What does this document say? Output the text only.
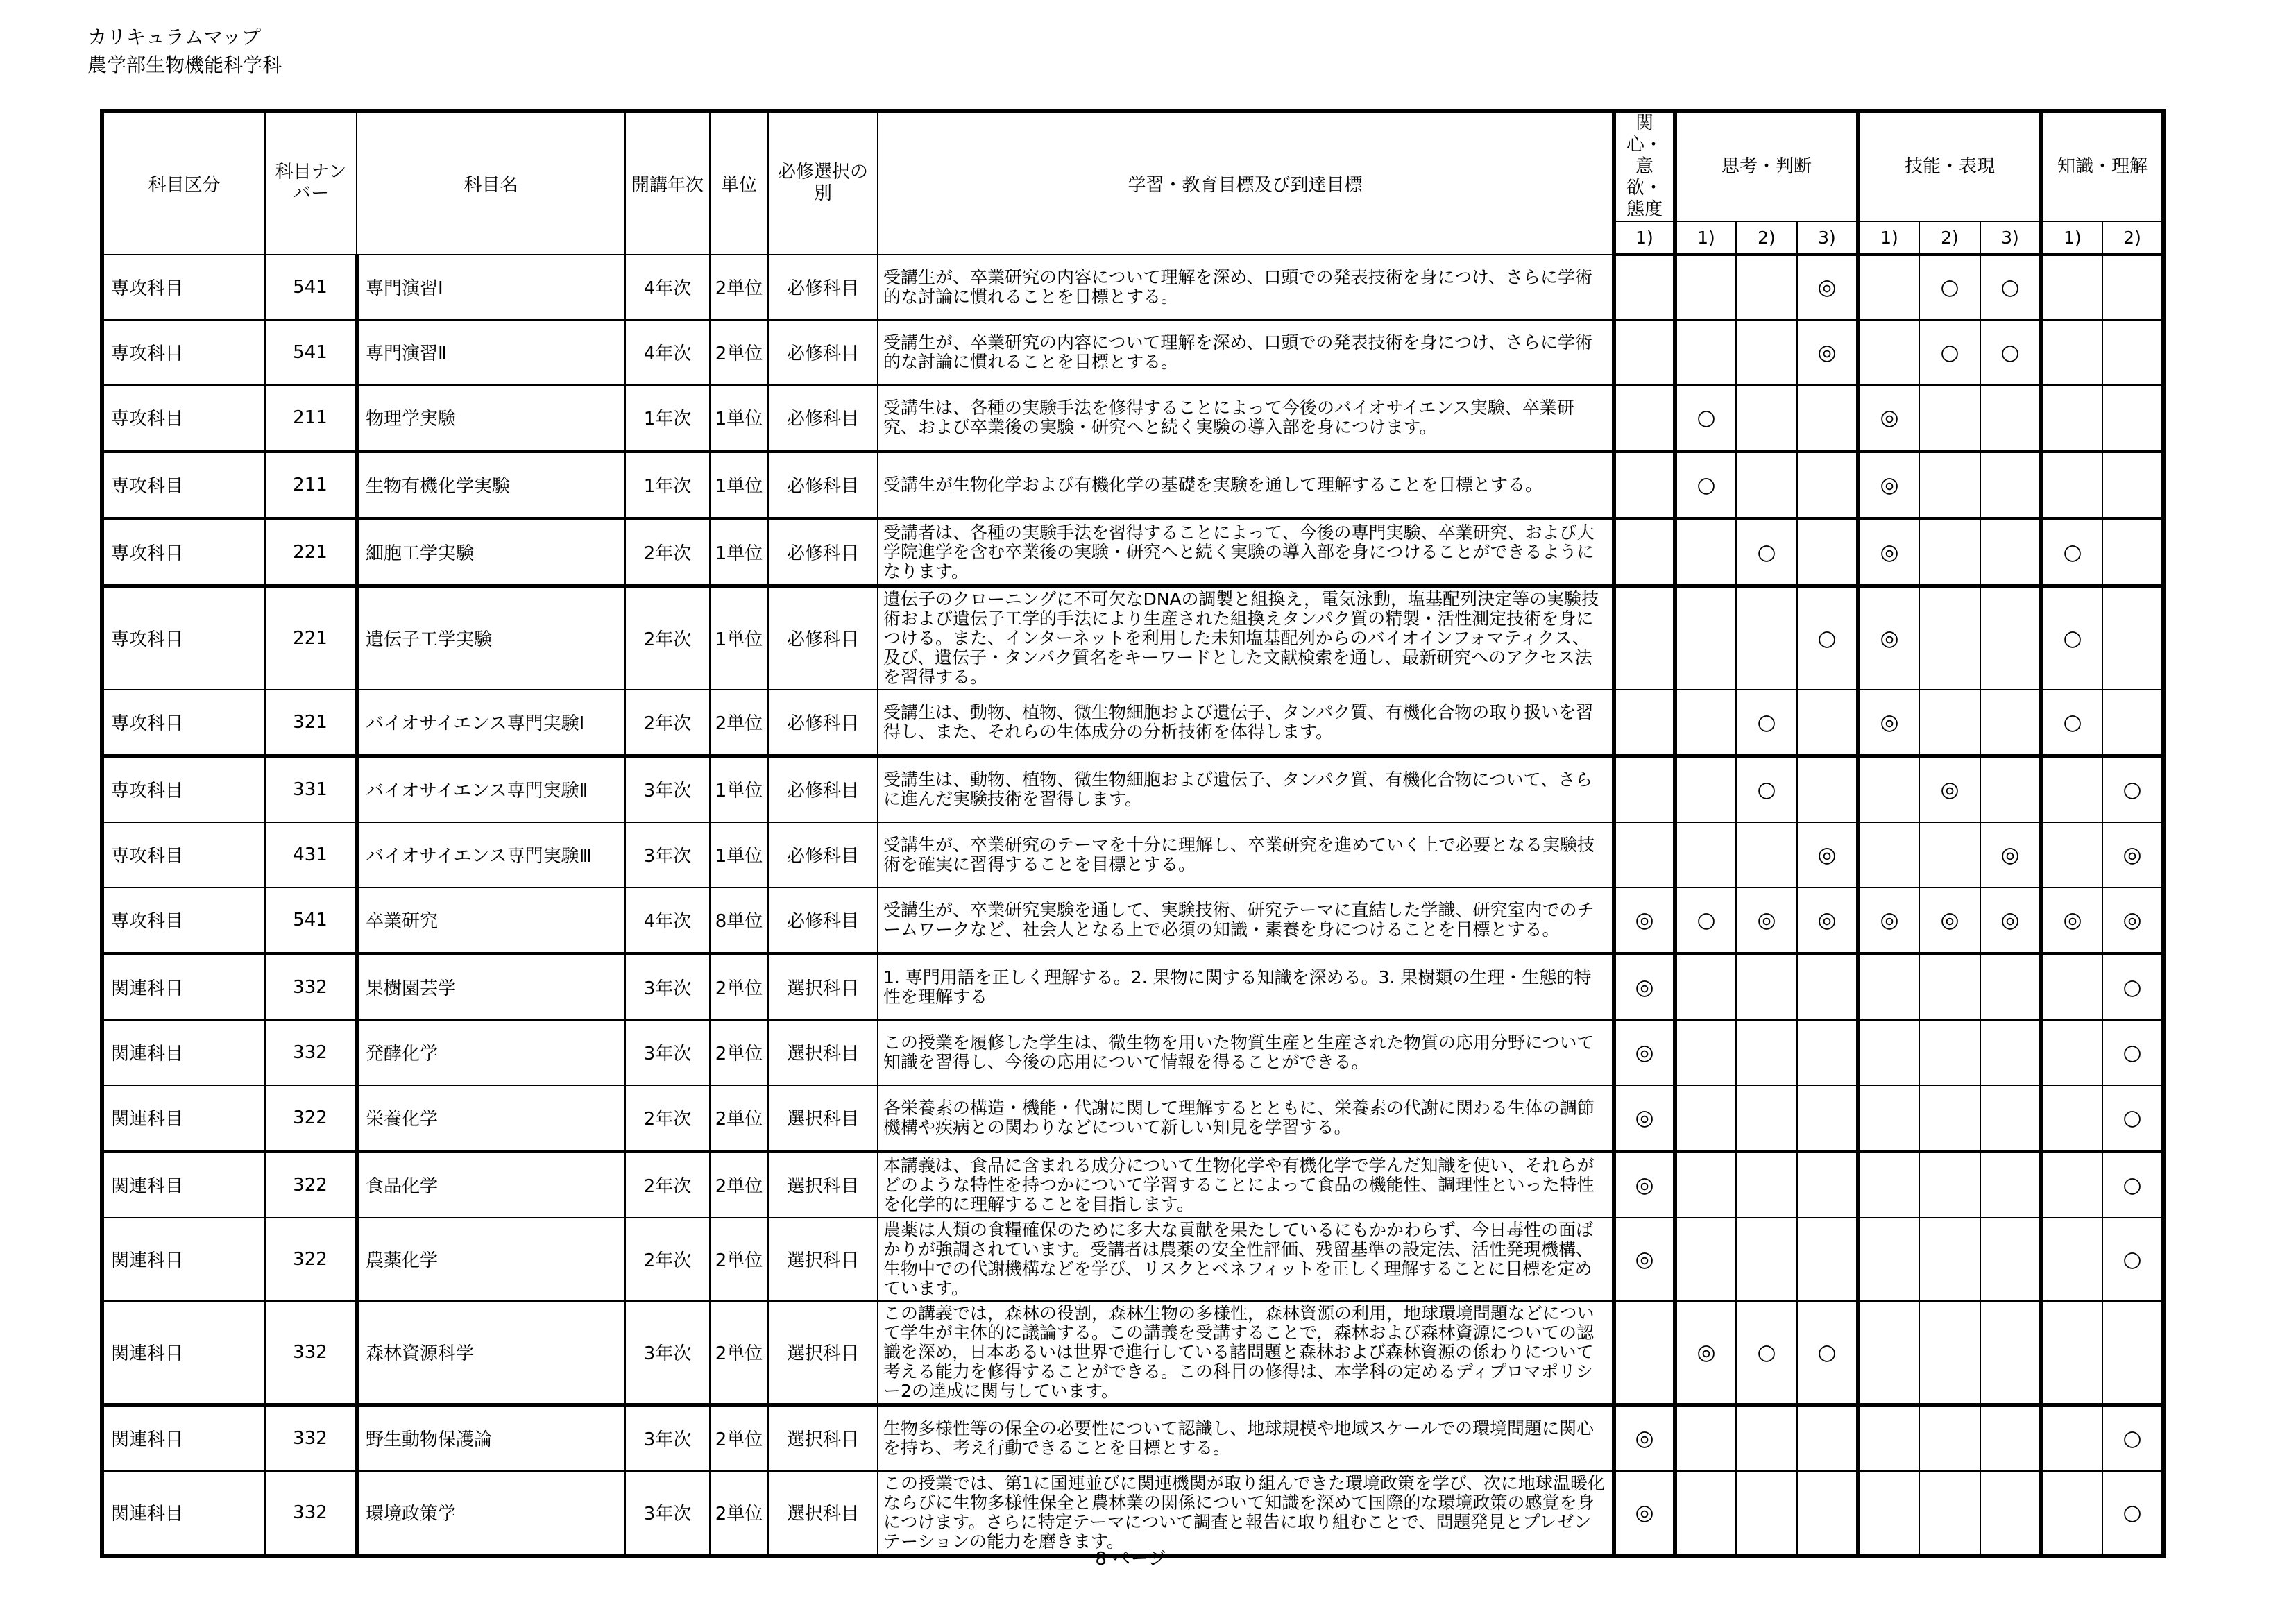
カリキュラムマップ
農学部生物機能科学科
科目区分	科目ナンバー	科目名	開講年次	単位	必修選択の別	学習・教育目標及び到達目標	関心・意欲・態度	思考・判断			技能・表現			知識・理解	
							1)	1)	2)	3)	1)	2)	3)	1)	2)
専攻科目	541	専門演習Ⅰ	4年次	2単位	必修科目	受講生が、卒業研究の内容について理解を深め、口頭での発表技術を身につけ、さらに学術的な討論に慣れることを目標とする。				◎		○	○		
専攻科目	541	専門演習Ⅱ	4年次	2単位	必修科目	受講生が、卒業研究の内容について理解を深め、口頭での発表技術を身につけ、さらに学術的な討論に慣れることを目標とする。				◎		○	○		
専攻科目	211	物理学実験	1年次	1単位	必修科目	受講生は、各種の実験手法を修得することによって今後のバイオサイエンス実験、卒業研究、および卒業後の実験・研究へと続く実験の導入部を身につけます。		○			◎				
専攻科目	211	生物有機化学実験	1年次	1単位	必修科目	受講生が生物化学および有機化学の基礎を実験を通して理解することを目標とする。		○			◎				
専攻科目	221	細胞工学実験	2年次	1単位	必修科目	受講者は、各種の実験手法を習得することによって、今後の専門実験、卒業研究、および大学院進学を含む卒業後の実験・研究へと続く実験の導入部を身につけることができるようになります。			○		◎			○	
専攻科目	221	遺伝子工学実験	2年次	1単位	必修科目	遺伝子のクローニングに不可欠なDNAの調製と組換え，電気泳動，塩基配列決定等の実験技術および遺伝子工学的手法により生産された組換えタンパク質の精製・活性測定技術を身につける。また、インターネットを利用した未知塩基配列からのバイオインフォマティクス、及び、遺伝子・タンパク質名をキーワードとした文献検索を通し、最新研究へのアクセス法を習得する。				○	◎			○	
専攻科目	321	バイオサイエンス専門実験Ⅰ	2年次	2単位	必修科目	受講生は、動物、植物、微生物細胞および遺伝子、タンパク質、有機化合物の取り扱いを習得し、また、それらの生体成分の分析技術を体得します。			○		◎			○	
専攻科目	331	バイオサイエンス専門実験Ⅱ	3年次	1単位	必修科目	受講生は、動物、植物、微生物細胞および遺伝子、タンパク質、有機化合物について、さらに進んだ実験技術を習得します。			○			◎			○
専攻科目	431	バイオサイエンス専門実験Ⅲ	3年次	1単位	必修科目	受講生が、卒業研究のテーマを十分に理解し、卒業研究を進めていく上で必要となる実験技術を確実に習得することを目標とする。				◎			◎		◎
専攻科目	541	卒業研究	4年次	8単位	必修科目	受講生が、卒業研究実験を通して、実験技術、研究テーマに直結した学識、研究室内でのチームワークなど、社会人となる上で必須の知識・素養を身につけることを目標とする。	◎	○	◎	◎	◎	◎	◎	◎	◎
関連科目	332	果樹園芸学	3年次	2単位	選択科目	1. 専門用語を正しく理解する。2. 果物に関する知識を深める。3. 果樹類の生理・生態的特性を理解する	◎								○
関連科目	332	発酵化学	3年次	2単位	選択科目	この授業を履修した学生は、微生物を用いた物質生産と生産された物質の応用分野について知識を習得し、今後の応用について情報を得ることができる。	◎								○
関連科目	322	栄養化学	2年次	2単位	選択科目	各栄養素の構造・機能・代謝に関して理解するとともに、栄養素の代謝に関わる生体の調節機構や疾病との関わりなどについて新しい知見を学習する。	◎								○
関連科目	322	食品化学	2年次	2単位	選択科目	本講義は、食品に含まれる成分について生物化学や有機化学で学んだ知識を使い、それらがどのような特性を持つかについて学習することによって食品の機能性、調理性といった特性を化学的に理解することを目指します。	◎								○
関連科目	322	農薬化学	2年次	2単位	選択科目	農薬は人類の食糧確保のために多大な貢献を果たしているにもかかわらず、今日毒性の面ばかりが強調されています。受講者は農薬の安全性評価、残留基準の設定法、活性発現機構、生物中での代謝機構などを学び、リスクとベネフィットを正しく理解することに目標を定めています。	◎								○
関連科目	332	森林資源科学	3年次	2単位	選択科目	この講義では，森林の役割，森林生物の多様性，森林資源の利用，地球環境問題などについて学生が主体的に議論する。この講義を受講することで，森林および森林資源についての認識を深め，日本あるいは世界で進行している諸問題と森林および森林資源の係わりについて考える能力を修得することができる。この科目の修得は、本学科の定めるディプロマポリシー2の達成に関与しています。		◎	○	○					
関連科目	332	野生動物保護論	3年次	2単位	選択科目	生物多様性等の保全の必要性について認識し、地球規模や地域スケールでの環境問題に関心を持ち、考え行動できることを目標とする。	◎								○
関連科目	332	環境政策学	3年次	2単位	選択科目	この授業では、第1に国連並びに関連機関が取り組んできた環境政策を学び、次に地球温暖化ならびに生物多様性保全と農林業の関係について知識を深めて国際的な環境政策の感覚を身につけます。さらに特定テーマについて調査と報告に取り組むことで、問題発見とプレゼンテーションの能力を磨きます。	◎								○
8 ページ
